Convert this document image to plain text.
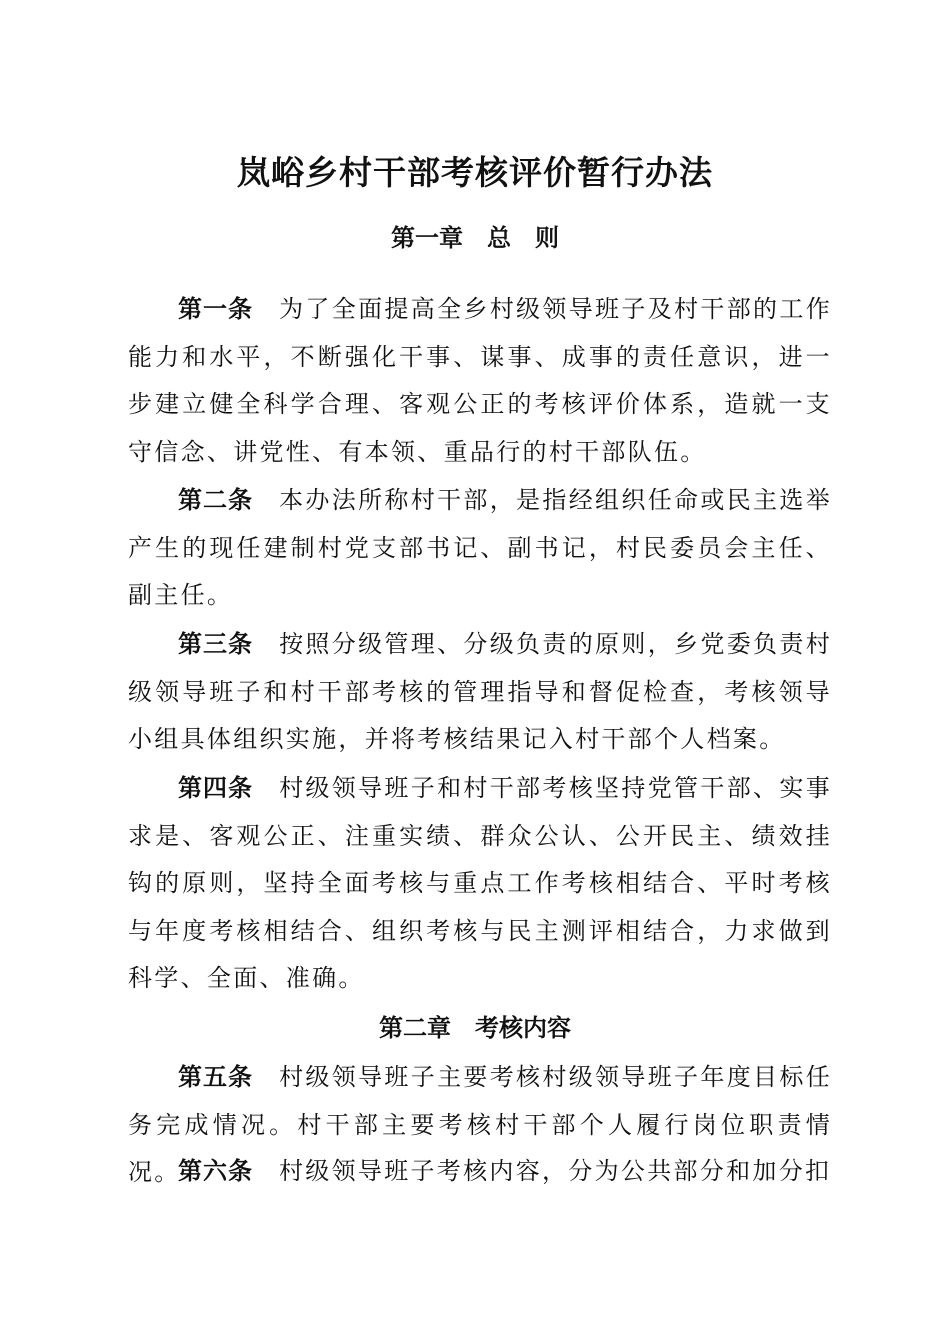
岚峪乡村干部考核评价暂行办法
第一章　总　则

第一条 为了全面提高全乡村级领导班子及村干部的工作能力和水平，不断强化干事、谋事、成事的责任意识，进一步建立健全科学合理、客观公正的考核评价体系，造就一支守信念、讲党性、有本领、重品行的村干部队伍。

第二条 本办法所称村干部，是指经组织任命或民主选举产生的现任建制村党支部书记、副书记，村民委员会主任、副主任。

第三条 按照分级管理、分级负责的原则，乡党委负责村级领导班子和村干部考核的管理指导和督促检查，考核领导小组具体组织实施，并将考核结果记入村干部个人档案。

第四条 村级领导班子和村干部考核坚持党管干部、实事求是、客观公正、注重实绩、群众公认、公开民主、绩效挂钩的原则，坚持全面考核与重点工作考核相结合、平时考核与年度考核相结合、组织考核与民主测评相结合，力求做到科学、全面、准确。

第二章　考核内容

第五条 村级领导班子主要考核村级领导班子年度目标任务完成情况。村干部主要考核村干部个人履行岗位职责情况。

第六条 村级领导班子考核内容，分为公共部分和加分扣
